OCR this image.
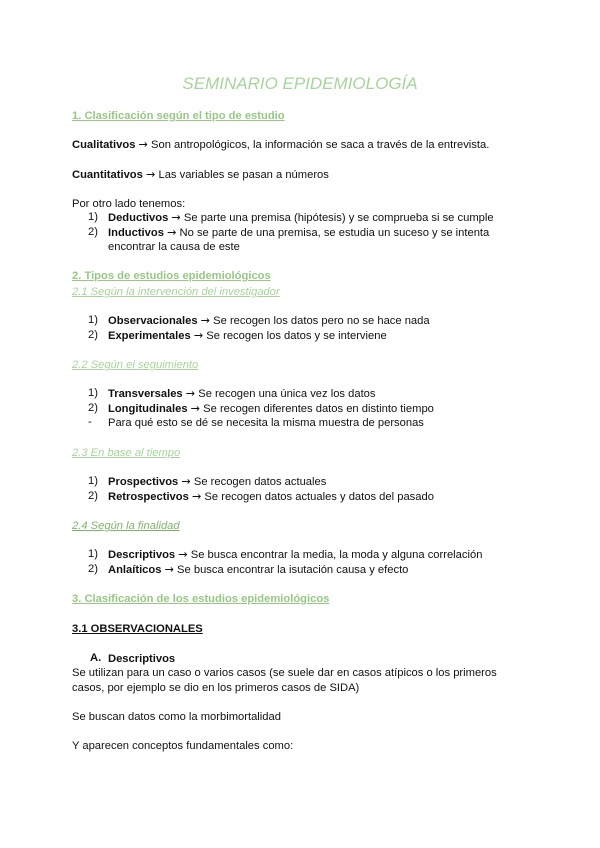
SEMINARIO EPIDEMIOLOGÍA
1. Clasificación según el tipo de estudio
Cualitativos → Son antropológicos, la información se saca a través de la entrevista.
Cuantitativos → Las variables se pasan a números
Por otro lado tenemos:
1) Deductivos → Se parte una premisa (hipótesis) y se comprueba si se cumple
2) Inductivos → No se parte de una premisa, se estudia un suceso y se intenta
encontrar la causa de este
2. Tipos de estudios epidemiológicos
2.1 Según la intervención del investigador
1) Observacionales → Se recogen los datos pero no se hace nada
2) Experimentales → Se recogen los datos y se interviene
2.2 Según el seguimiento
1) Transversales → Se recogen una única vez los datos
2) Longitudinales → Se recogen diferentes datos en distinto tiempo
- Para qué esto se dé se necesita la misma muestra de personas
2.3 En base al tiempo
1) Prospectivos → Se recogen datos actuales
2) Retrospectivos → Se recogen datos actuales y datos del pasado
2.4 Según la finalidad
1) Descriptivos → Se busca encontrar la media, la moda y alguna correlación
2) Anlaíticos → Se busca encontrar la isutación causa y efecto
3. Clasificación de los estudios epidemiológicos
3.1 OBSERVACIONALES
A. Descriptivos
Se utilizan para un caso o varios casos (se suele dar en casos atípicos o los primeros
casos, por ejemplo se dio en los primeros casos de SIDA)
Se buscan datos como la morbimortalidad
Y aparecen conceptos fundamentales como:
